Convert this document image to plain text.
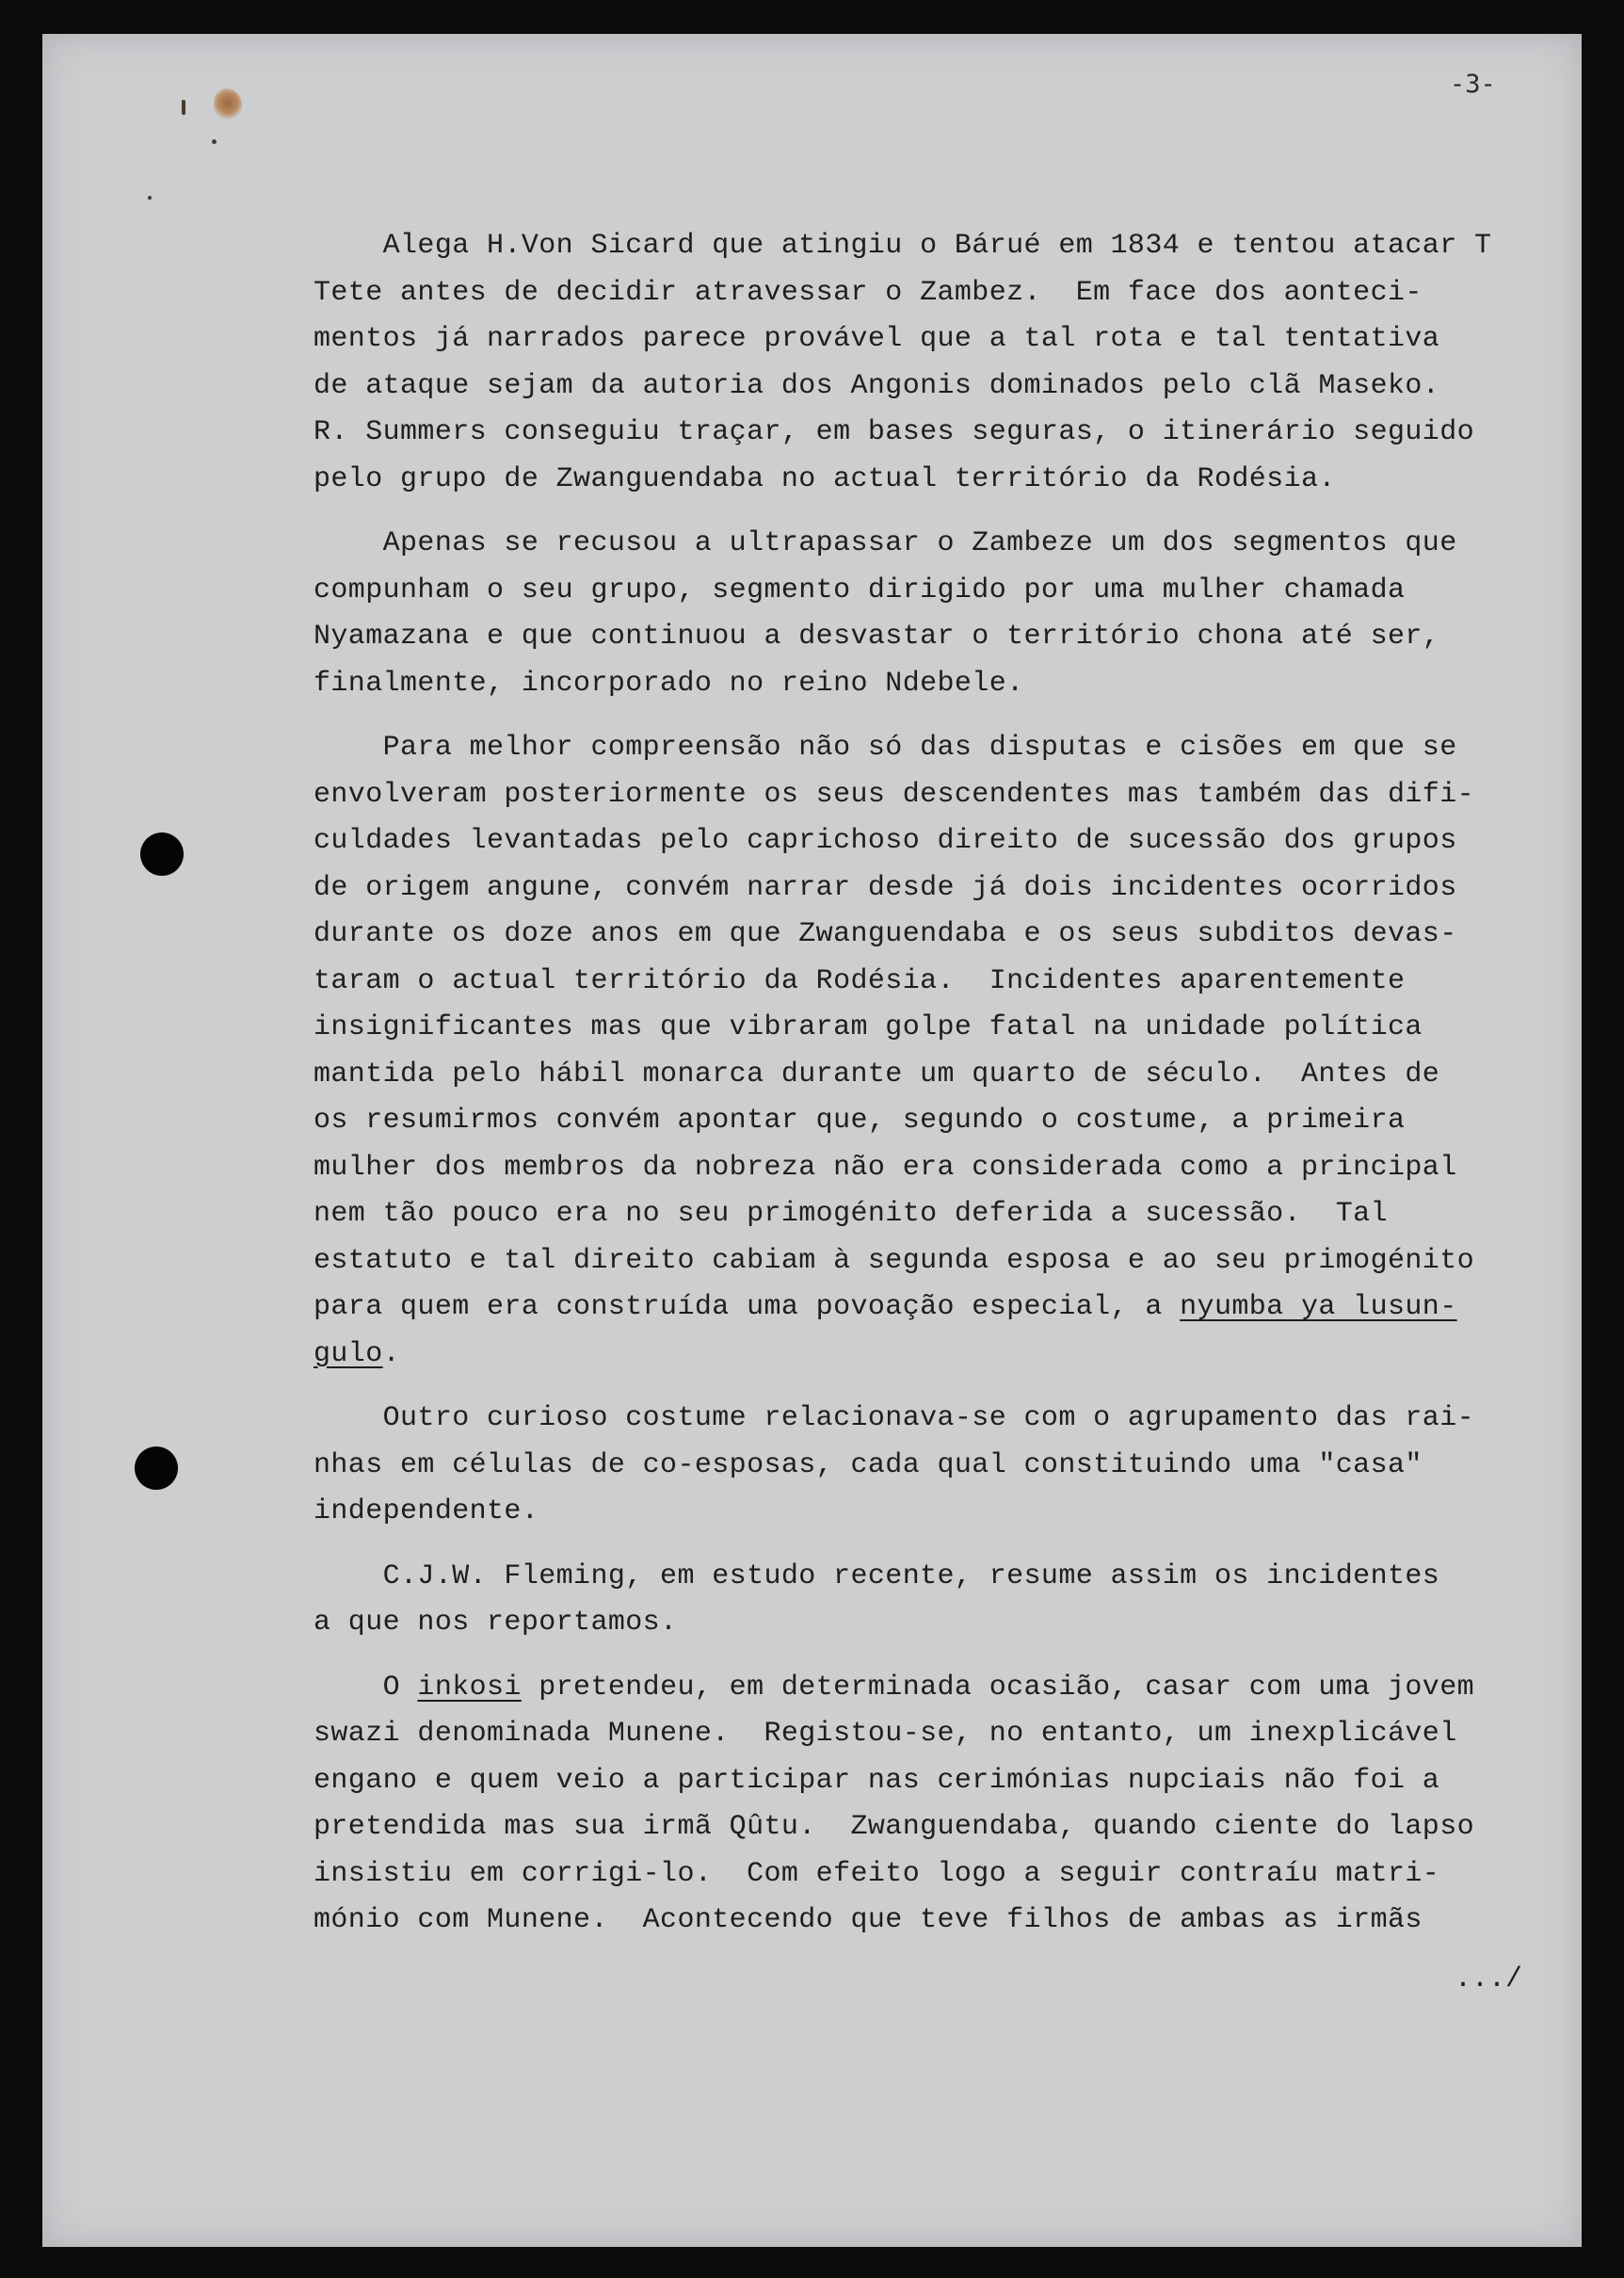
-3-
Alega H.Von Sicard que atingiu o Bárué em 1834 e tentou atacar T
Tete antes de decidir atravessar o Zambez.  Em face dos aonteci-
mentos já narrados parece provável que a tal rota e tal tentativa
de ataque sejam da autoria dos Angonis dominados pelo clã Maseko.
R. Summers conseguiu traçar, em bases seguras, o itinerário seguido
pelo grupo de Zwanguendaba no actual território da Rodésia.
Apenas se recusou a ultrapassar o Zambeze um dos segmentos que
compunham o seu grupo, segmento dirigido por uma mulher chamada
Nyamazana e que continuou a desvastar o território chona até ser,
finalmente, incorporado no reino Ndebele.
Para melhor compreensão não só das disputas e cisões em que se
envolveram posteriormente os seus descendentes mas também das difi-
culdades levantadas pelo caprichoso direito de sucessão dos grupos
de origem angune, convém narrar desde já dois incidentes ocorridos
durante os doze anos em que Zwanguendaba e os seus subditos devas-
taram o actual território da Rodésia.  Incidentes aparentemente
insignificantes mas que vibraram golpe fatal na unidade política
mantida pelo hábil monarca durante um quarto de século.  Antes de
os resumirmos convém apontar que, segundo o costume, a primeira
mulher dos membros da nobreza não era considerada como a principal
nem tão pouco era no seu primogénito deferida a sucessão.  Tal
estatuto e tal direito cabiam à segunda esposa e ao seu primogénito
para quem era construída uma povoação especial, a nyumba ya lusun-
gulo.
Outro curioso costume relacionava-se com o agrupamento das rai-
nhas em células de co-esposas, cada qual constituindo uma "casa"
independente.
C.J.W. Fleming, em estudo recente, resume assim os incidentes
a que nos reportamos.
O inkosi pretendeu, em determinada ocasião, casar com uma jovem
swazi denominada Munene.  Registou-se, no entanto, um inexplicável
engano e quem veio a participar nas cerimónias nupciais não foi a
pretendida mas sua irmã Qûtu.  Zwanguendaba, quando ciente do lapso
insistiu em corrigi-lo.  Com efeito logo a seguir contraíu matri-
mónio com Munene.  Acontecendo que teve filhos de ambas as irmãs
.../
